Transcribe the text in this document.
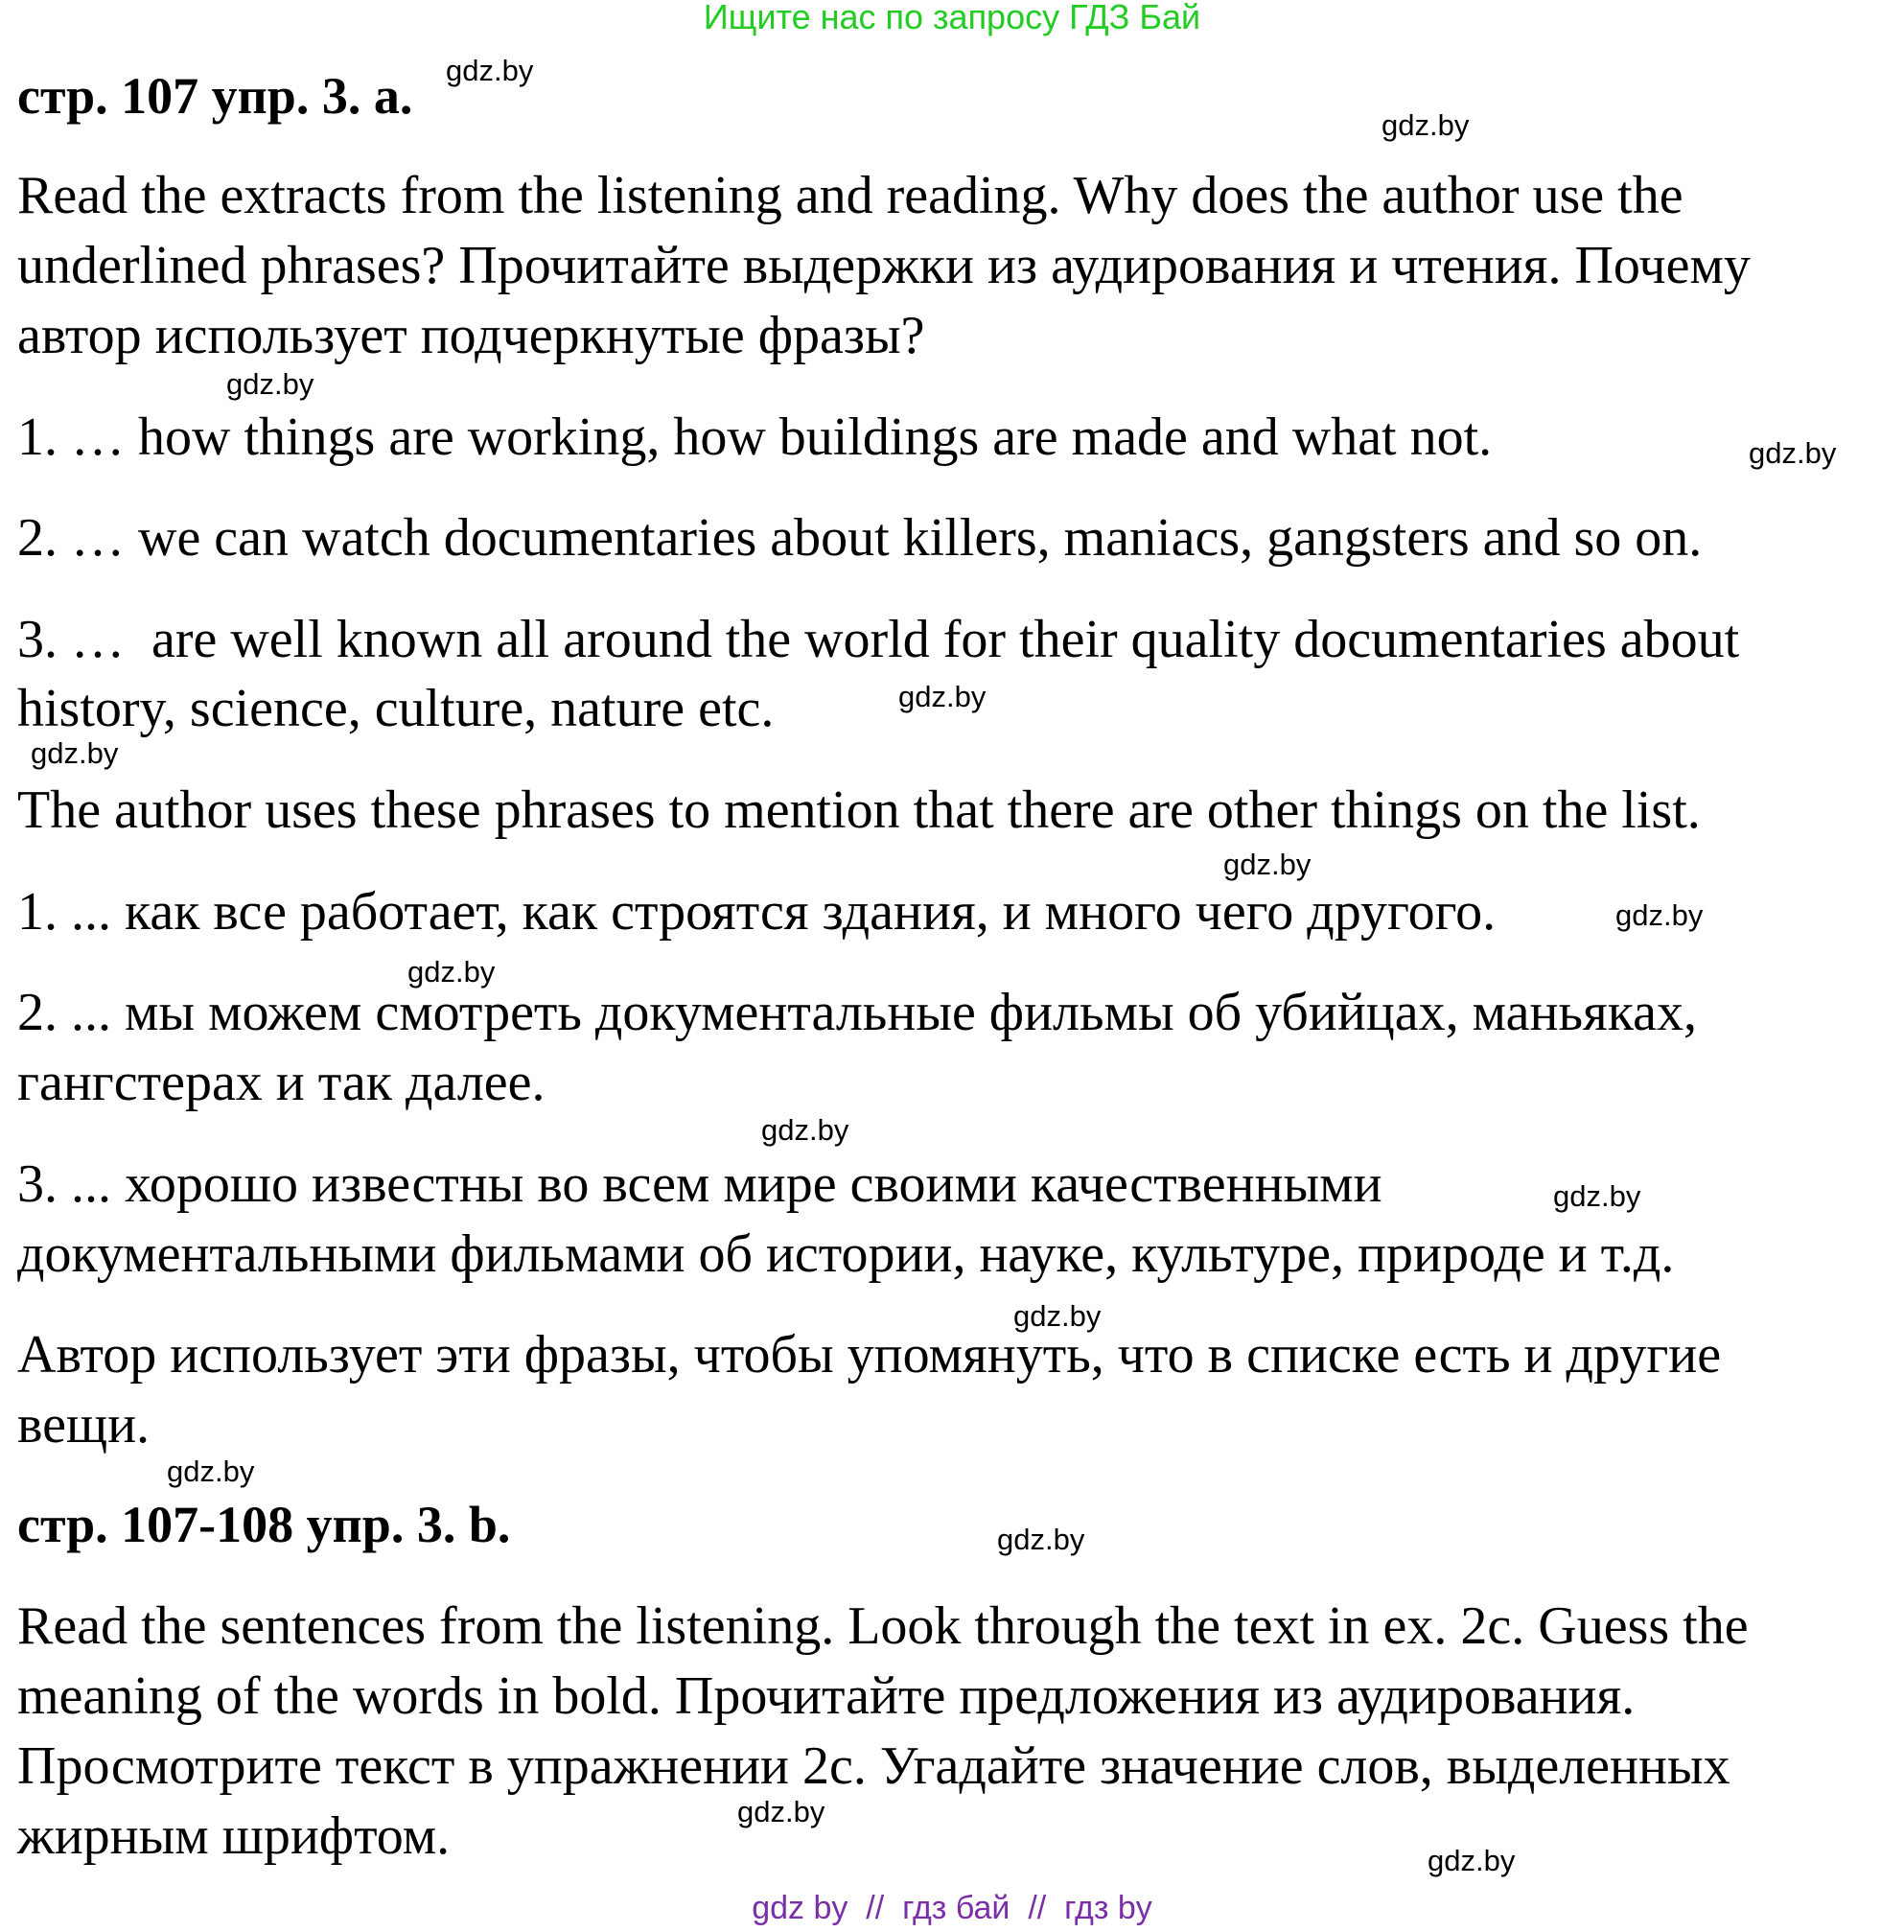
Ищите нас по запросу ГДЗ Бай
стр. 107 упр. 3. а.
Read the extracts from the listening and reading. Why does the author use the
underlined phrases? Прочитайте выдержки из аудирования и чтения. Почему
автор использует подчеркнутые фразы?
1. … how things are working, how buildings are made and what not.
2. … we can watch documentaries about killers, maniacs, gangsters and so on.
3. …  are well known all around the world for their quality documentaries about
history, science, culture, nature etc.
The author uses these phrases to mention that there are other things on the list.
1. ... как все работает, как строятся здания, и много чего другого.
2. ... мы можем смотреть документальные фильмы об убийцах, маньяках,
гангстерах и так далее.
3. ... хорошо известны во всем мире своими качественными
документальными фильмами об истории, науке, культуре, природе и т.д.
Автор использует эти фразы, чтобы упомянуть, что в списке есть и другие
вещи.
стр. 107-108 упр. 3. b.
Read the sentences from the listening. Look through the text in ex. 2c. Guess the
meaning of the words in bold. Прочитайте предложения из аудирования.
Просмотрите текст в упражнении 2с. Угадайте значение слов, выделенных
жирным шрифтом.
gdz.by
gdz.by
gdz.by
gdz.by
gdz.by
gdz.by
gdz.by
gdz.by
gdz.by
gdz.by
gdz.by
gdz.by
gdz.by
gdz.by
gdz.by
gdz.by
gdz by  //  гдз бай  //  гдз by
